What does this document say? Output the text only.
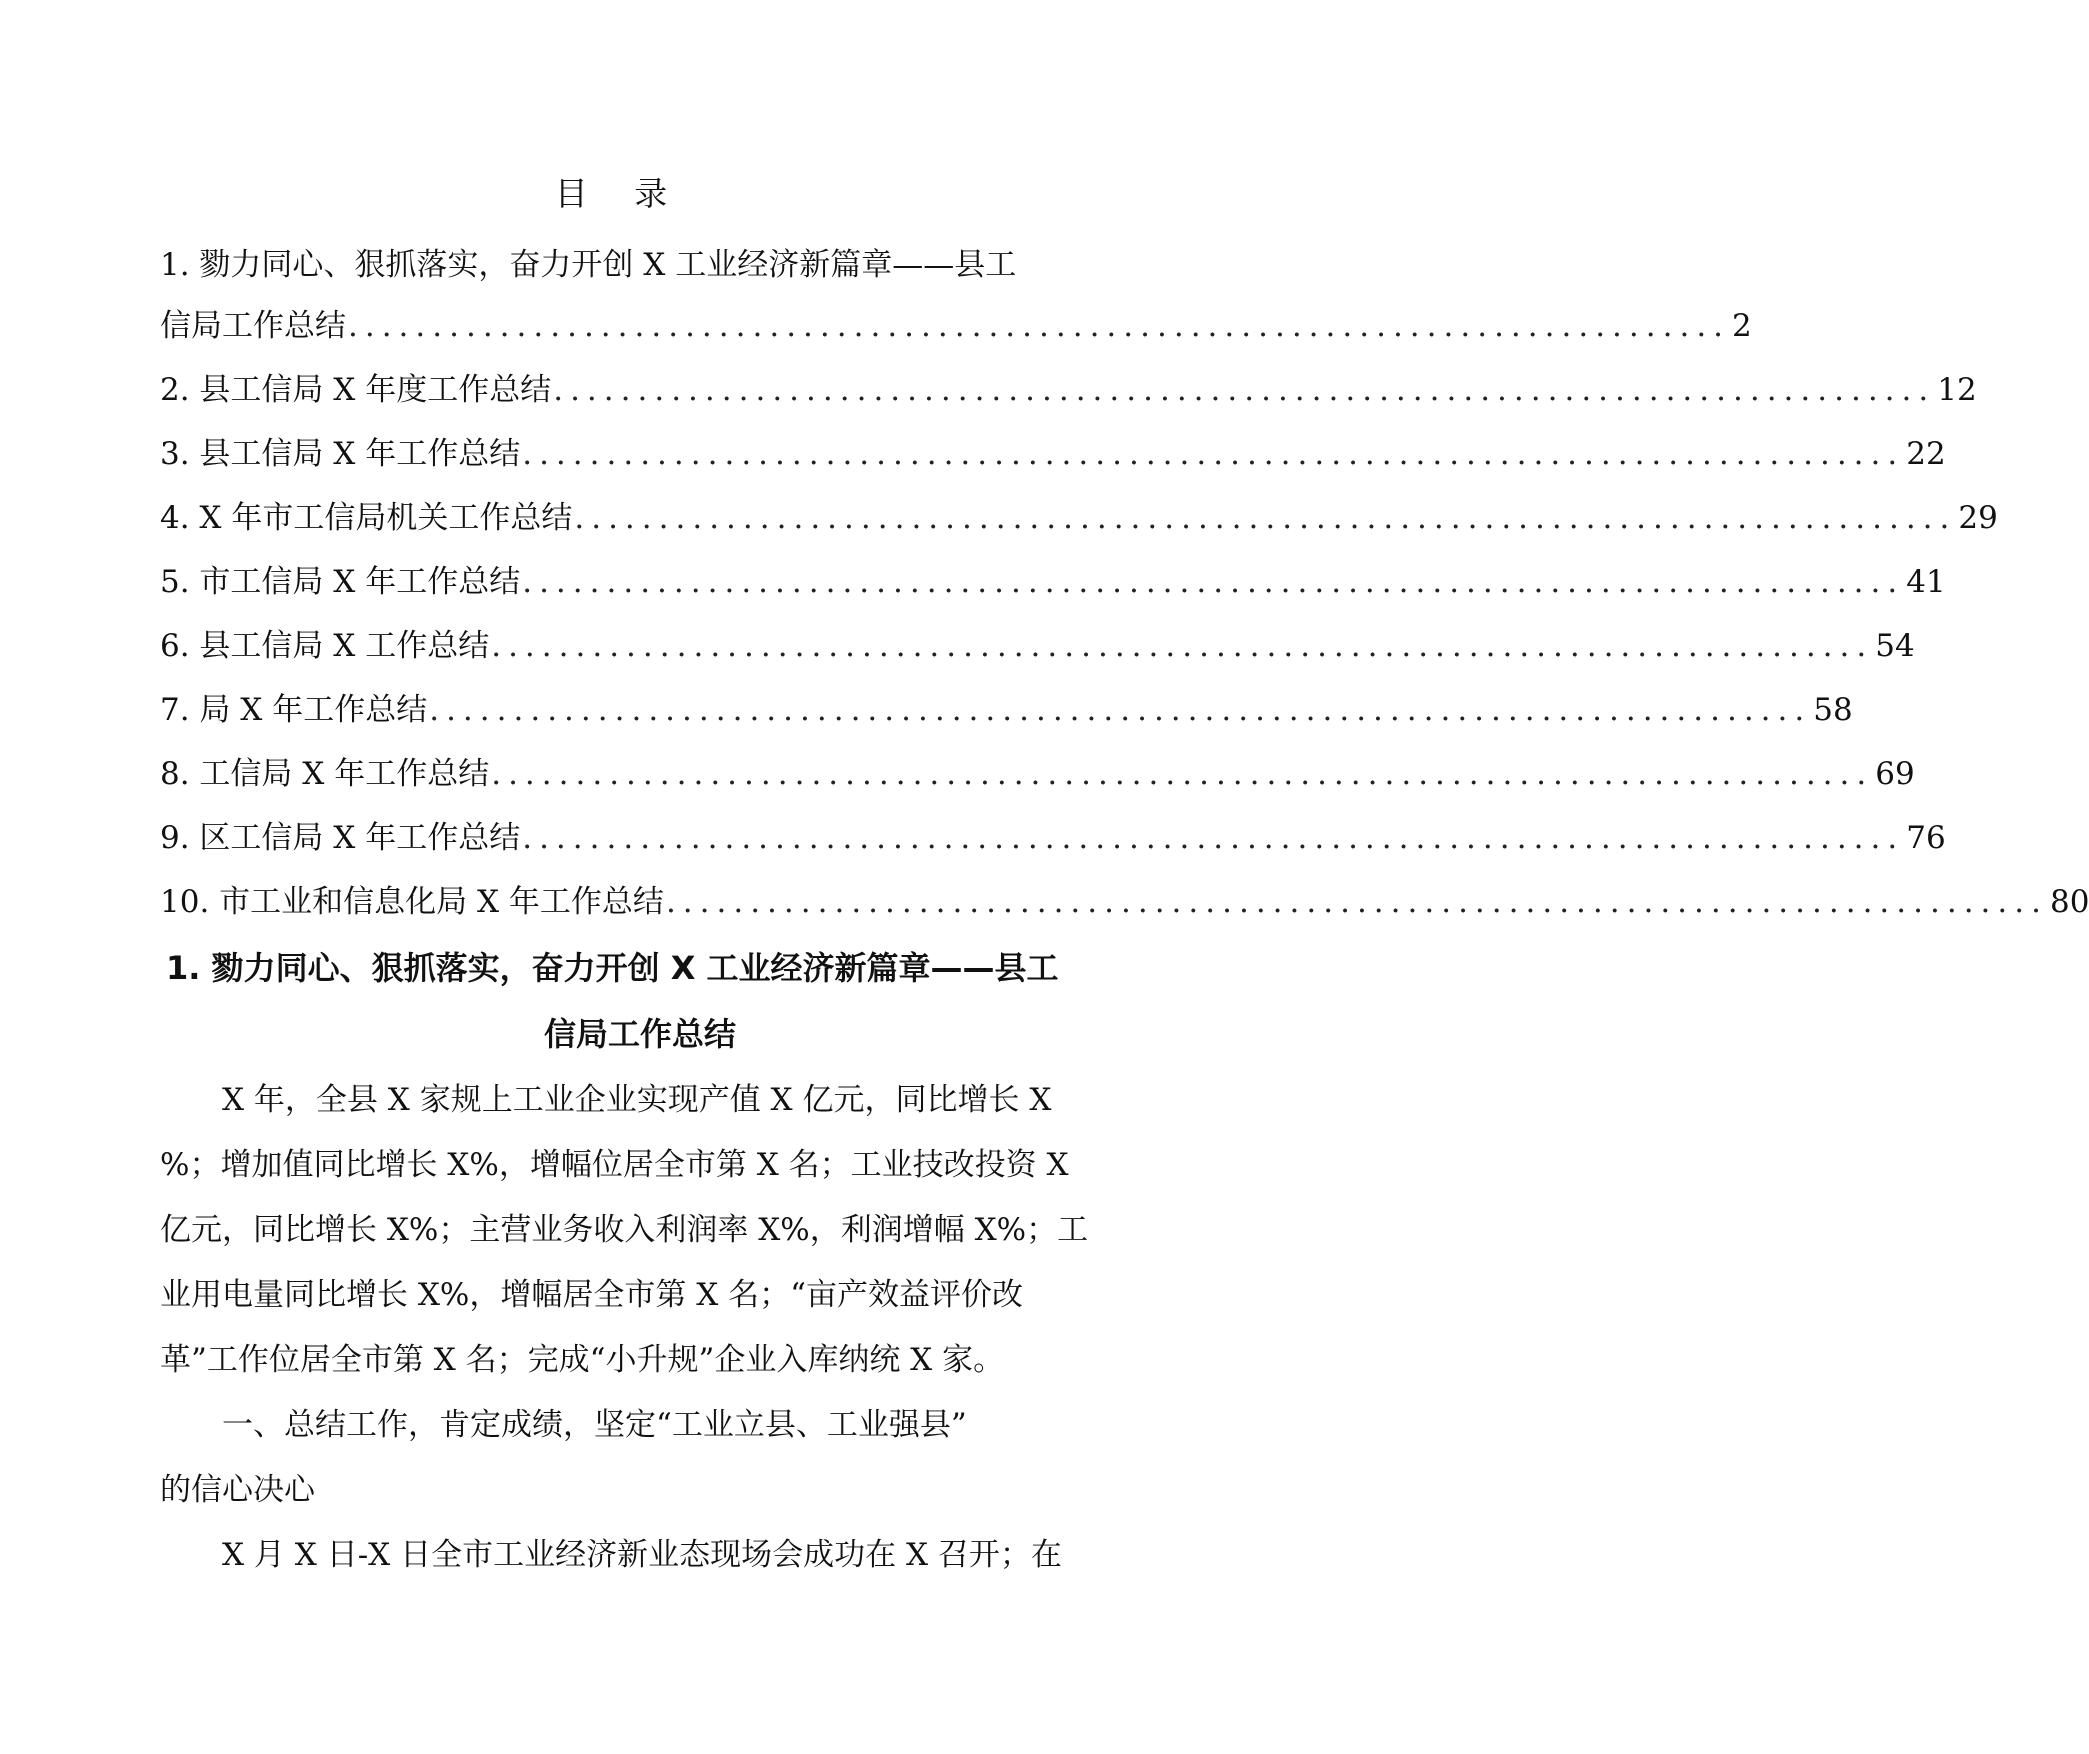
目 录
1. 勠力同心、狠抓落实，奋力开创 X 工业经济新篇章——县工
信局工作总结 .................................................................................. 2
2. 县工信局 X 年度工作总结 .................................................................................. 12
3. 县工信局 X 年工作总结 .................................................................................. 22
4. X 年市工信局机关工作总结 .................................................................................. 29
5. 市工信局 X 年工作总结 .................................................................................. 41
6. 县工信局 X 工作总结 .................................................................................. 54
7. 局 X 年工作总结 .................................................................................. 58
8. 工信局 X 年工作总结 .................................................................................. 69
9. 区工信局 X 年工作总结 .................................................................................. 76
10. 市工业和信息化局 X 年工作总结 .................................................................................. 80
1. 勠力同心、狠抓落实，奋力开创 X 工业经济新篇章——县工
信局工作总结
X 年，全县 X 家规上工业企业实现产值 X 亿元，同比增长 X
%；增加值同比增长 X%，增幅位居全市第 X 名；工业技改投资 X
亿元，同比增长 X%；主营业务收入利润率 X%，利润增幅 X%；工
业用电量同比增长 X%，增幅居全市第 X 名；“亩产效益评价改
革”工作位居全市第 X 名；完成“小升规”企业入库纳统 X 家。
一、总结工作，肯定成绩，坚定“工业立县、工业强县”
的信心决心
X 月 X 日-X 日全市工业经济新业态现场会成功在 X 召开；在
